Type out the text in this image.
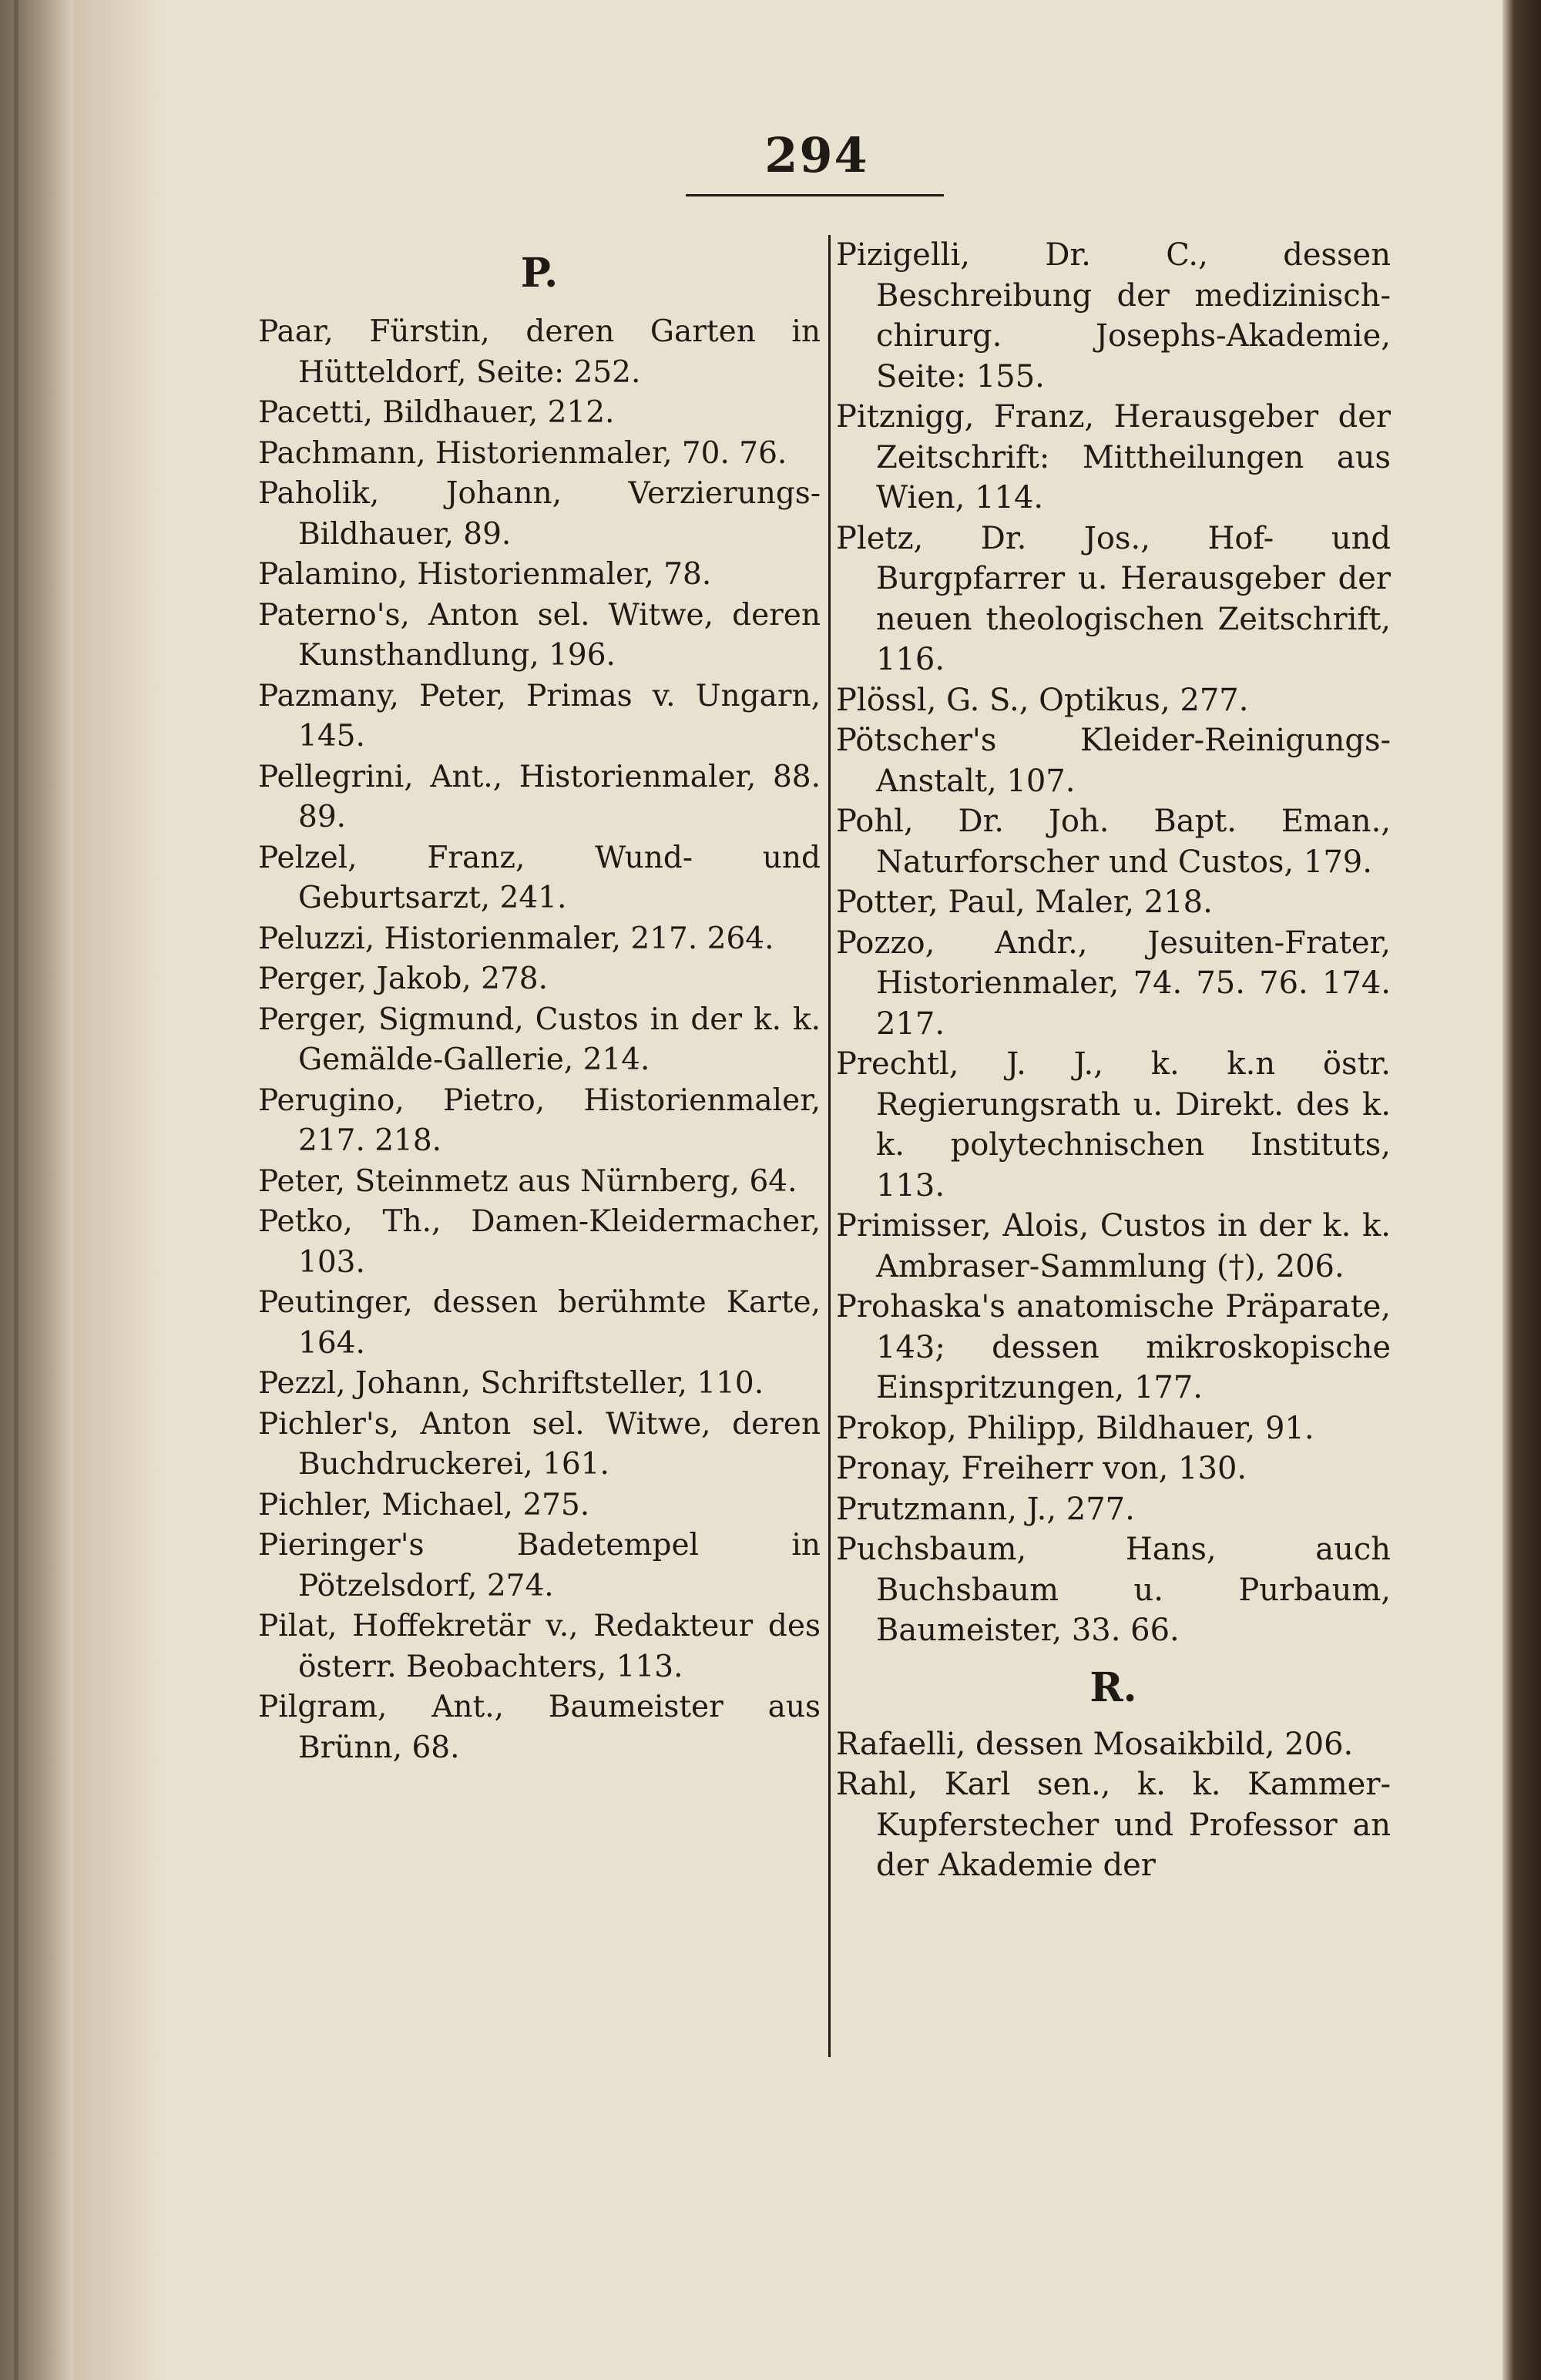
294
P.

Paar, Fürstin, deren Garten in Hütteldorf, Seite: 252.

Pacetti, Bildhauer, 212.

Pachmann, Historienmaler, 70. 76.

Paholik, Johann, Verzierungs-Bildhauer, 89.

Palamino, Historienmaler, 78.

Paterno's, Anton sel. Witwe, deren Kunsthandlung, 196.

Pazmany, Peter, Primas v. Ungarn, 145.

Pellegrini, Ant., Historienmaler, 88. 89.

Pelzel, Franz, Wund- und Geburtsarzt, 241.

Peluzzi, Historienmaler, 217. 264.

Perger, Jakob, 278.

Perger, Sigmund, Custos in der k. k. Gemälde-Gallerie, 214.

Perugino, Pietro, Historienmaler, 217. 218.

Peter, Steinmetz aus Nürnberg, 64.

Petko, Th., Damen-Kleidermacher, 103.

Peutinger, dessen berühmte Karte, 164.

Pezzl, Johann, Schriftsteller, 110.

Pichler's, Anton sel. Witwe, deren Buchdruckerei, 161.

Pichler, Michael, 275.

Pieringer's Badetempel in Pötzelsdorf, 274.

Pilat, Hoffekretär v., Redakteur des österr. Beobachters, 113.

Pilgram, Ant., Baumeister aus Brünn, 68.

Pizigelli, Dr. C., dessen Beschreibung der medizinisch-chirurg. Josephs-Akademie, Seite: 155.

Pitznigg, Franz, Herausgeber der Zeitschrift: Mittheilungen aus Wien, 114.

Pletz, Dr. Jos., Hof- und Burgpfarrer u. Herausgeber der neuen theologischen Zeitschrift, 116.

Plössl, G. S., Optikus, 277.

Pötscher's Kleider-Reinigungs-Anstalt, 107.

Pohl, Dr. Joh. Bapt. Eman., Naturforscher und Custos, 179.

Potter, Paul, Maler, 218.

Pozzo, Andr., Jesuiten-Frater, Historienmaler, 74. 75. 76. 174. 217.

Prechtl, J. J., k. k.n östr. Regierungsrath u. Direkt. des k. k. polytechnischen Instituts, 113.

Primisser, Alois, Custos in der k. k. Ambraser-Sammlung (†), 206.

Prohaska's anatomische Präparate, 143; dessen mikroskopische Einspritzungen, 177.

Prokop, Philipp, Bildhauer, 91.

Pronay, Freiherr von, 130.

Prutzmann, J., 277.

Puchsbaum, Hans, auch Buchsbaum u. Purbaum, Baumeister, 33. 66.

R.

Rafaelli, dessen Mosaikbild, 206.

Rahl, Karl sen., k. k. Kammer-Kupferstecher und Professor an der Akademie der
